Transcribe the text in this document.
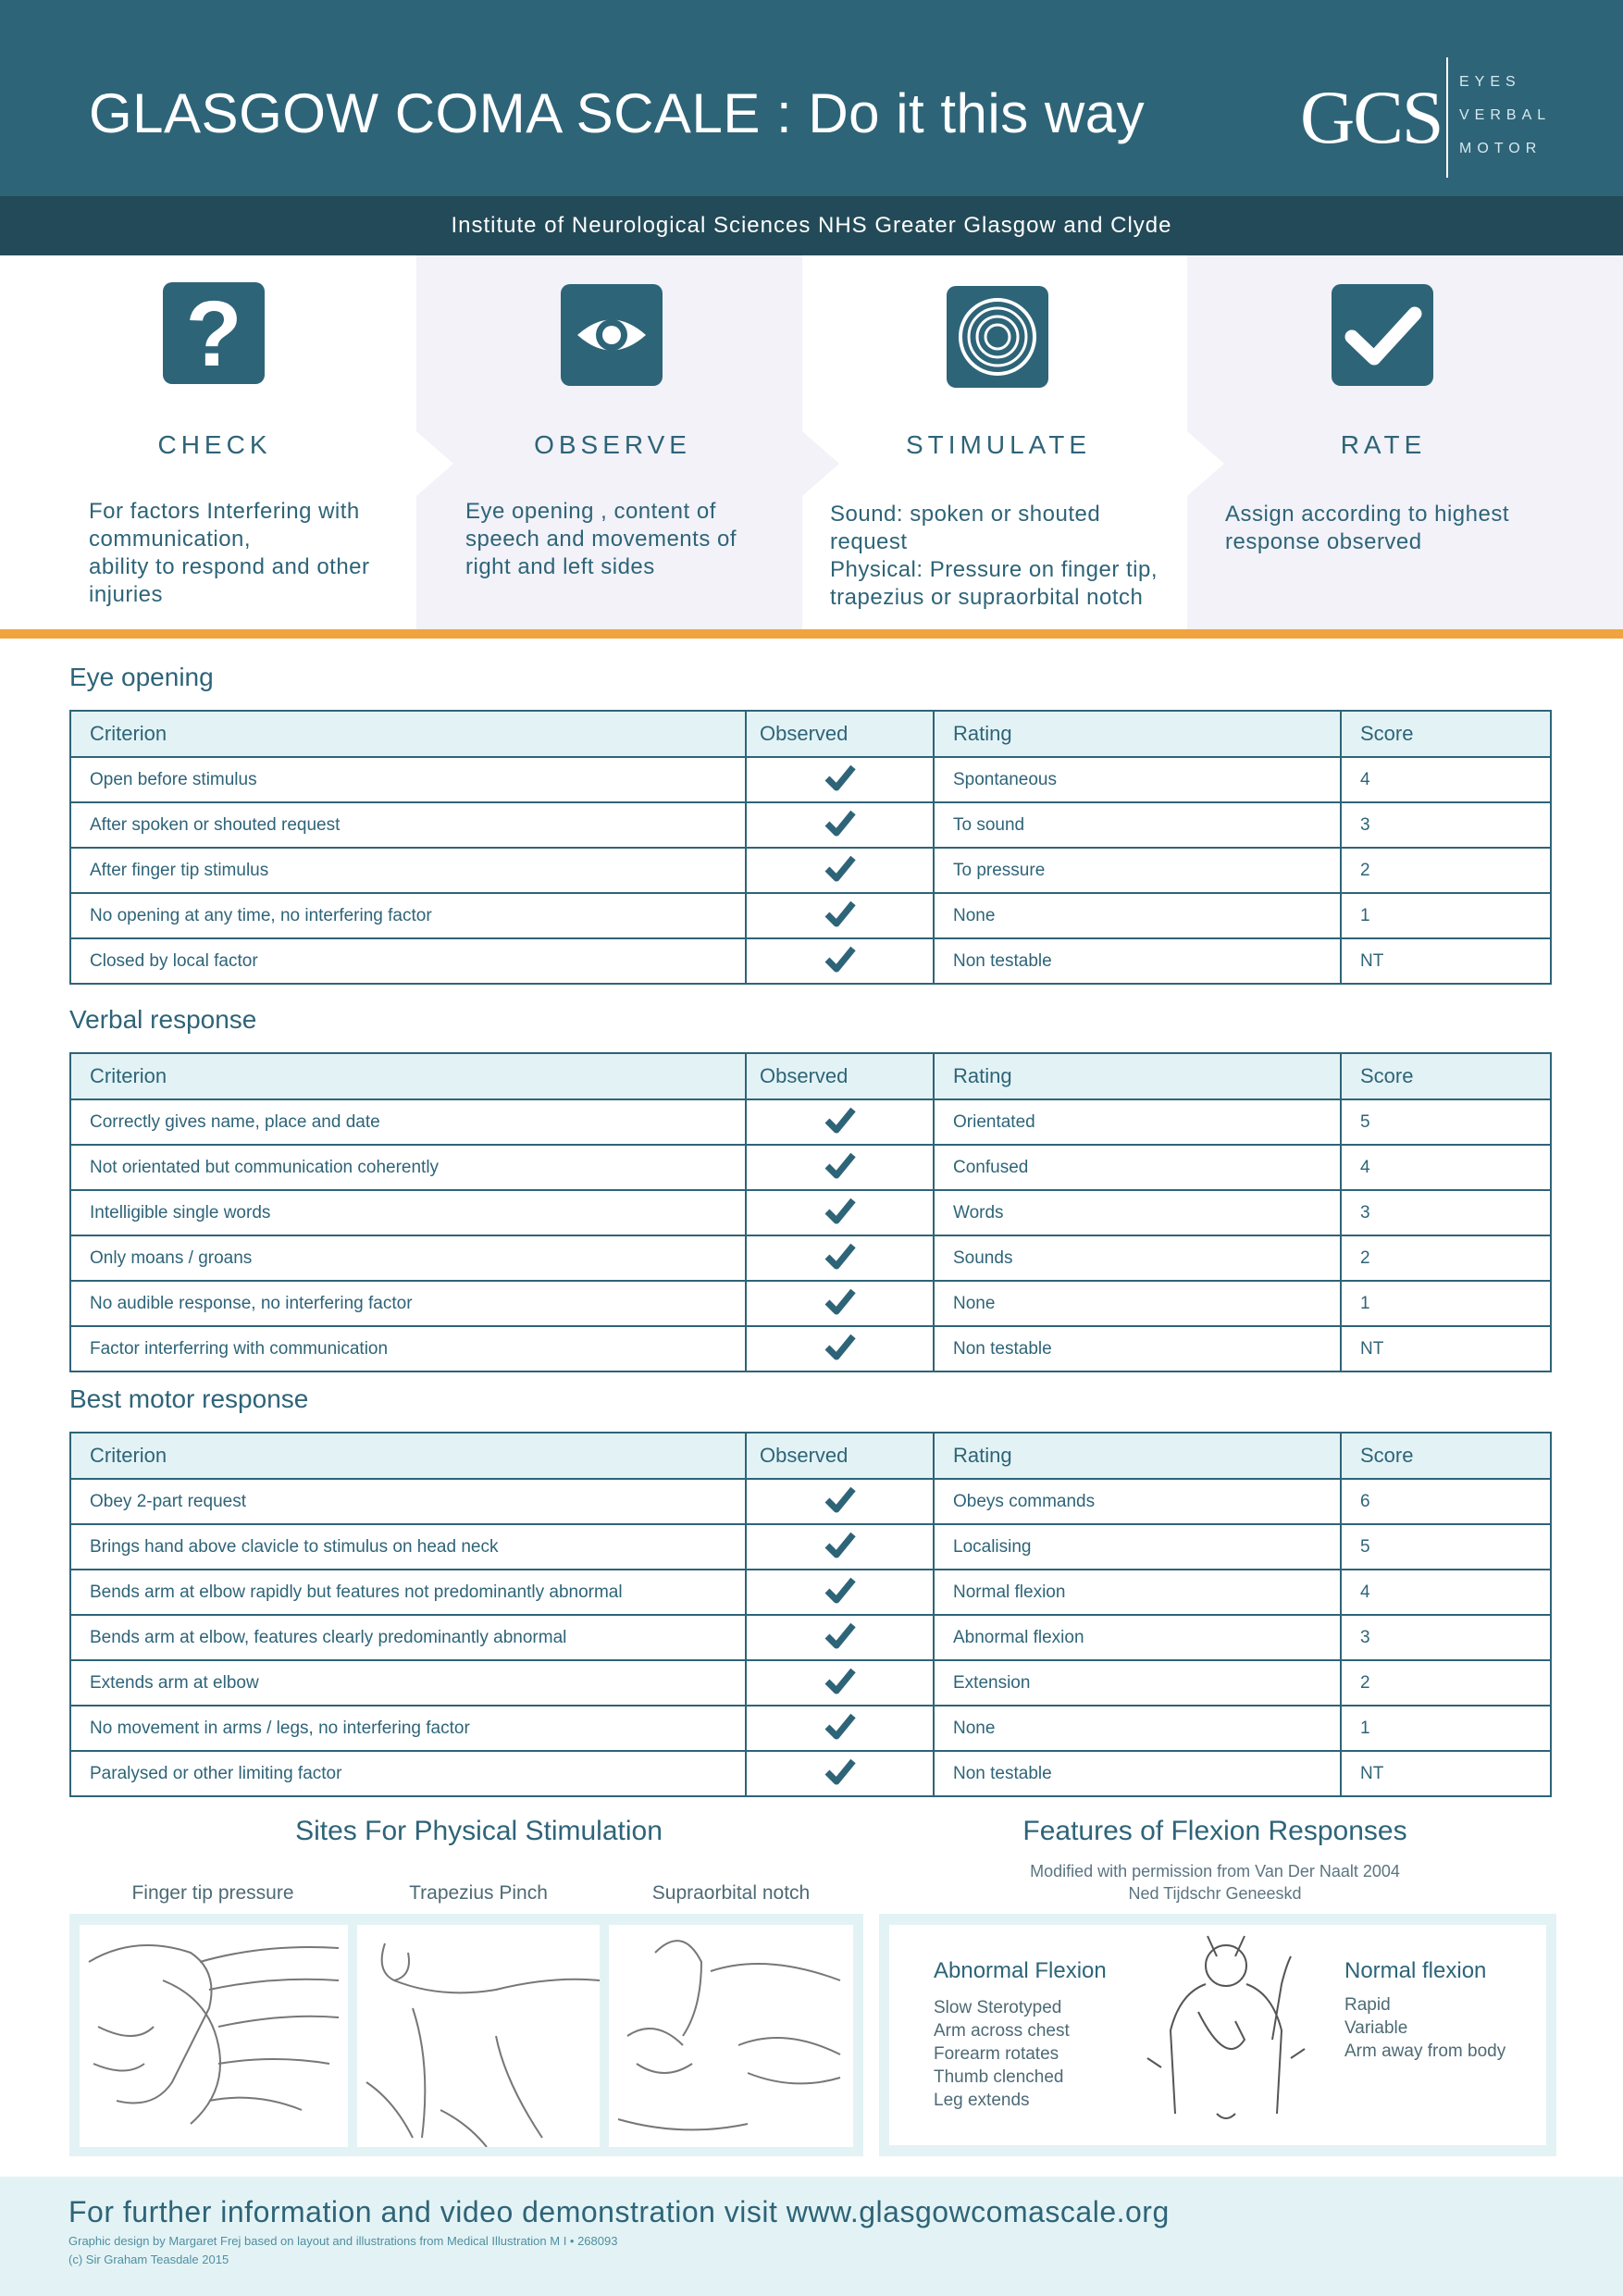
GLASGOW COMA SCALE : Do it this way GCS EYES
VERBAL
MOTOR
Institute of Neurological Sciences NHS Greater Glasgow and Clyde
?
CHECK
For factors Interfering with
communication,
ability to respond and other
injuries
OBSERVE
Eye opening , content of
speech and movements of
right and left sides
STIMULATE
Sound: spoken or shouted
request
Physical: Pressure on finger tip,
trapezius or supraorbital notch
RATE
Assign according to highest
response observed
Eye opening
Criterion	Observed	Rating	Score
Open before stimulus		Spontaneous	4
After spoken or shouted request		To sound	3
After finger tip stimulus		To pressure	2
No opening at any time, no interfering factor		None	1
Closed by local factor		Non testable	NT
Verbal response
Criterion	Observed	Rating	Score
Correctly gives name, place and date		Orientated	5
Not orientated but communication coherently		Confused	4
Intelligible single words		Words	3
Only moans / groans		Sounds	2
No audible response, no interfering factor		None	1
Factor interferring with communication		Non testable	NT
Best motor response
Criterion	Observed	Rating	Score
Obey 2-part request		Obeys commands	6
Brings hand above clavicle to stimulus on head neck		Localising	5
Bends arm at elbow rapidly but features not predominantly abnormal		Normal flexion	4
Bends arm at elbow, features clearly predominantly abnormal		Abnormal flexion	3
Extends arm at elbow		Extension	2
No movement in arms / legs, no interfering factor		None	1
Paralysed or other limiting factor		Non testable	NT
Sites For Physical Stimulation
Finger tip pressure	Trapezius Pinch	Supraorbital notch
Features of Flexion Responses
Modified with permission from Van Der Naalt 2004
Ned Tijdschr Geneeskd
Abnormal Flexion
Slow Sterotyped
Arm across chest
Forearm rotates
Thumb clenched
Leg extends
Normal flexion
Rapid
Variable
Arm away from body
For further information and video demonstration visit www.glasgowcomascale.org
Graphic design by Margaret Frej based on layout and illustrations from Medical Illustration M I • 268093
(c) Sir Graham Teasdale 2015
